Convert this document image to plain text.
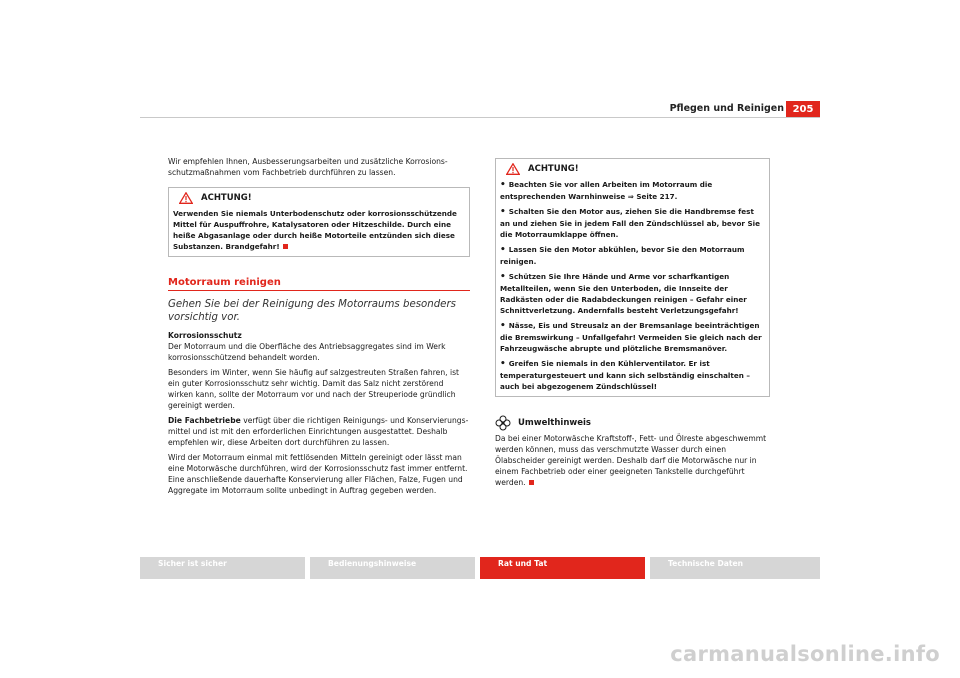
Pflegen und Reinigen 205

Wir empfehlen Ihnen, Ausbesserungsarbeiten und zusätzliche Korrosionsschutzmaßnahmen vom Fachbetrieb durchführen zu lassen.

ACHTUNG!
Verwenden Sie niemals Unterbodenschutz oder korrosionsschützende Mittel für Auspuffrohre, Katalysatoren oder Hitzeschilde. Durch eine heiße Abgasanlage oder durch heiße Motorteile entzünden sich diese Substanzen. Brandgefahr!
Motorraum reinigen
Gehen Sie bei der Reinigung des Motorraums besonders vorsichtig vor.

Korrosionsschutz

Der Motorraum und die Oberfläche des Antriebsaggregates sind im Werk korrosionsschützend behandelt worden.

Besonders im Winter, wenn Sie häufig auf salzgestreuten Straßen fahren, ist ein guter Korrosionsschutz sehr wichtig. Damit das Salz nicht zerstörend wirken kann, sollte der Motorraum vor und nach der Streuperiode gründlich gereinigt werden.

Die Fachbetriebe verfügt über die richtigen Reinigungs- und Konservierungsmittel und ist mit den erforderlichen Einrichtungen ausgestattet. Deshalb empfehlen wir, diese Arbeiten dort durchführen zu lassen.

Wird der Motorraum einmal mit fettlösenden Mitteln gereinigt oder lässt man eine Motorwäsche durchführen, wird der Korrosionsschutz fast immer entfernt. Eine anschließende dauerhafte Konservierung aller Flächen, Falze, Fugen und Aggregate im Motorraum sollte unbedingt in Auftrag gegeben werden.

ACHTUNG!
• Beachten Sie vor allen Arbeiten im Motorraum die entsprechenden Warnhinweise ⇒ Seite 217.
• Schalten Sie den Motor aus, ziehen Sie die Handbremse fest an und ziehen Sie in jedem Fall den Zündschlüssel ab, bevor Sie die Motorraumklappe öffnen.
• Lassen Sie den Motor abkühlen, bevor Sie den Motorraum reinigen.
• Schützen Sie Ihre Hände und Arme vor scharfkantigen Metallteilen, wenn Sie den Unterboden, die Innseite der Radkästen oder die Radabdeckungen reinigen – Gefahr einer Schnittverletzung. Andernfalls besteht Verletzungsgefahr!
• Nässe, Eis und Streusalz an der Bremsanlage beeinträchtigen die Bremswirkung – Unfallgefahr! Vermeiden Sie gleich nach der Fahrzeugwäsche abrupte und plötzliche Bremsmanöver.
• Greifen Sie niemals in den Kühlerventilator. Er ist temperaturgesteuert und kann sich selbständig einschalten – auch bei abgezogenem Zündschlüssel!
Umwelthinweis

Da bei einer Motorwäsche Kraftstoff-, Fett- und Ölreste abgeschwemmt werden können, muss das verschmutzte Wasser durch einen Ölabscheider gereinigt werden. Deshalb darf die Motorwäsche nur in einem Fachbetrieb oder einer geeigneten Tankstelle durchgeführt werden.

Sicher ist sicher	Bedienungshinweise	Rat und Tat	Technische Daten
carmanualsonline.info
